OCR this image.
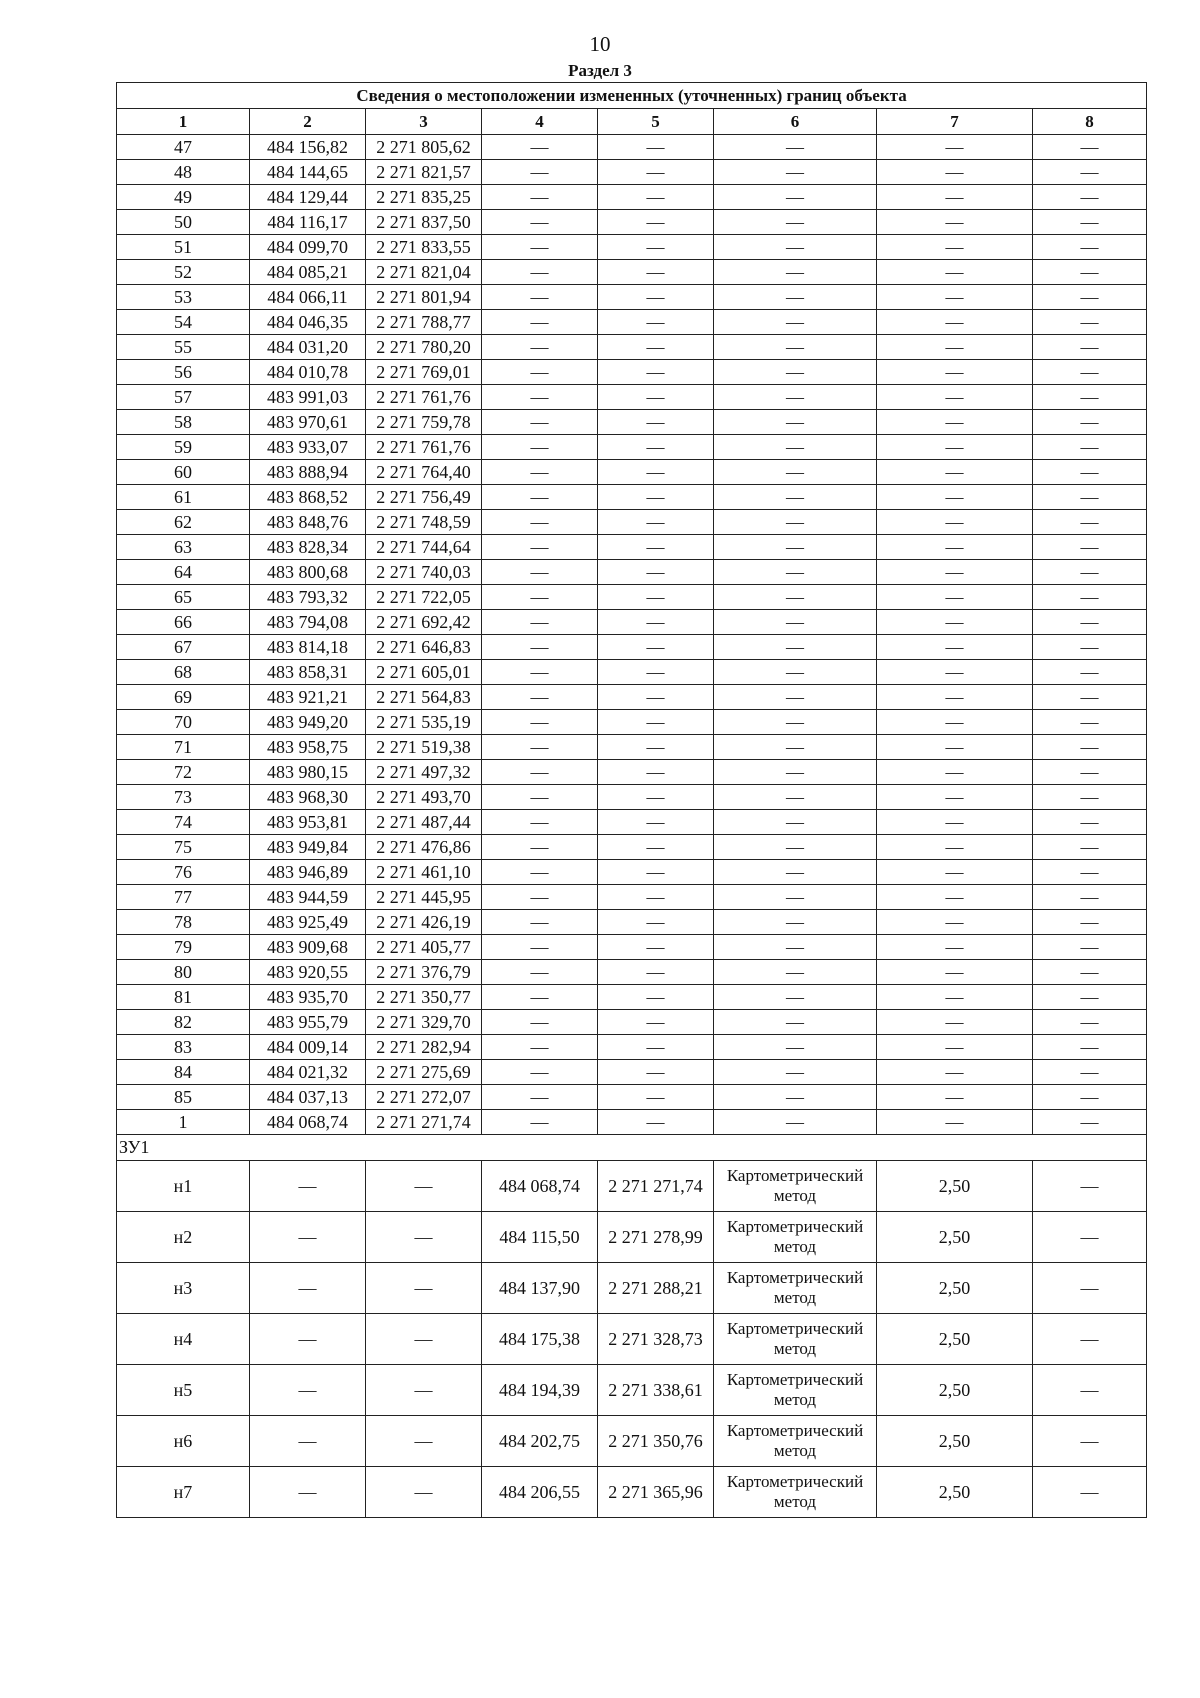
10
Раздел 3
Сведения о местоположении измененных (уточненных) границ объекта							
1	2	3	4	5	6	7	8
47	484 156,82	2 271 805,62	—	—	—	—	—
48	484 144,65	2 271 821,57	—	—	—	—	—
49	484 129,44	2 271 835,25	—	—	—	—	—
50	484 116,17	2 271 837,50	—	—	—	—	—
51	484 099,70	2 271 833,55	—	—	—	—	—
52	484 085,21	2 271 821,04	—	—	—	—	—
53	484 066,11	2 271 801,94	—	—	—	—	—
54	484 046,35	2 271 788,77	—	—	—	—	—
55	484 031,20	2 271 780,20	—	—	—	—	—
56	484 010,78	2 271 769,01	—	—	—	—	—
57	483 991,03	2 271 761,76	—	—	—	—	—
58	483 970,61	2 271 759,78	—	—	—	—	—
59	483 933,07	2 271 761,76	—	—	—	—	—
60	483 888,94	2 271 764,40	—	—	—	—	—
61	483 868,52	2 271 756,49	—	—	—	—	—
62	483 848,76	2 271 748,59	—	—	—	—	—
63	483 828,34	2 271 744,64	—	—	—	—	—
64	483 800,68	2 271 740,03	—	—	—	—	—
65	483 793,32	2 271 722,05	—	—	—	—	—
66	483 794,08	2 271 692,42	—	—	—	—	—
67	483 814,18	2 271 646,83	—	—	—	—	—
68	483 858,31	2 271 605,01	—	—	—	—	—
69	483 921,21	2 271 564,83	—	—	—	—	—
70	483 949,20	2 271 535,19	—	—	—	—	—
71	483 958,75	2 271 519,38	—	—	—	—	—
72	483 980,15	2 271 497,32	—	—	—	—	—
73	483 968,30	2 271 493,70	—	—	—	—	—
74	483 953,81	2 271 487,44	—	—	—	—	—
75	483 949,84	2 271 476,86	—	—	—	—	—
76	483 946,89	2 271 461,10	—	—	—	—	—
77	483 944,59	2 271 445,95	—	—	—	—	—
78	483 925,49	2 271 426,19	—	—	—	—	—
79	483 909,68	2 271 405,77	—	—	—	—	—
80	483 920,55	2 271 376,79	—	—	—	—	—
81	483 935,70	2 271 350,77	—	—	—	—	—
82	483 955,79	2 271 329,70	—	—	—	—	—
83	484 009,14	2 271 282,94	—	—	—	—	—
84	484 021,32	2 271 275,69	—	—	—	—	—
85	484 037,13	2 271 272,07	—	—	—	—	—
1	484 068,74	2 271 271,74	—	—	—	—	—
ЗУ1							
н1	—	—	484 068,74	2 271 271,74	Картометрический метод	2,50	—
н2	—	—	484 115,50	2 271 278,99	Картометрический метод	2,50	—
н3	—	—	484 137,90	2 271 288,21	Картометрический метод	2,50	—
н4	—	—	484 175,38	2 271 328,73	Картометрический метод	2,50	—
н5	—	—	484 194,39	2 271 338,61	Картометрический метод	2,50	—
н6	—	—	484 202,75	2 271 350,76	Картометрический метод	2,50	—
н7	—	—	484 206,55	2 271 365,96	Картометрический метод	2,50	—
